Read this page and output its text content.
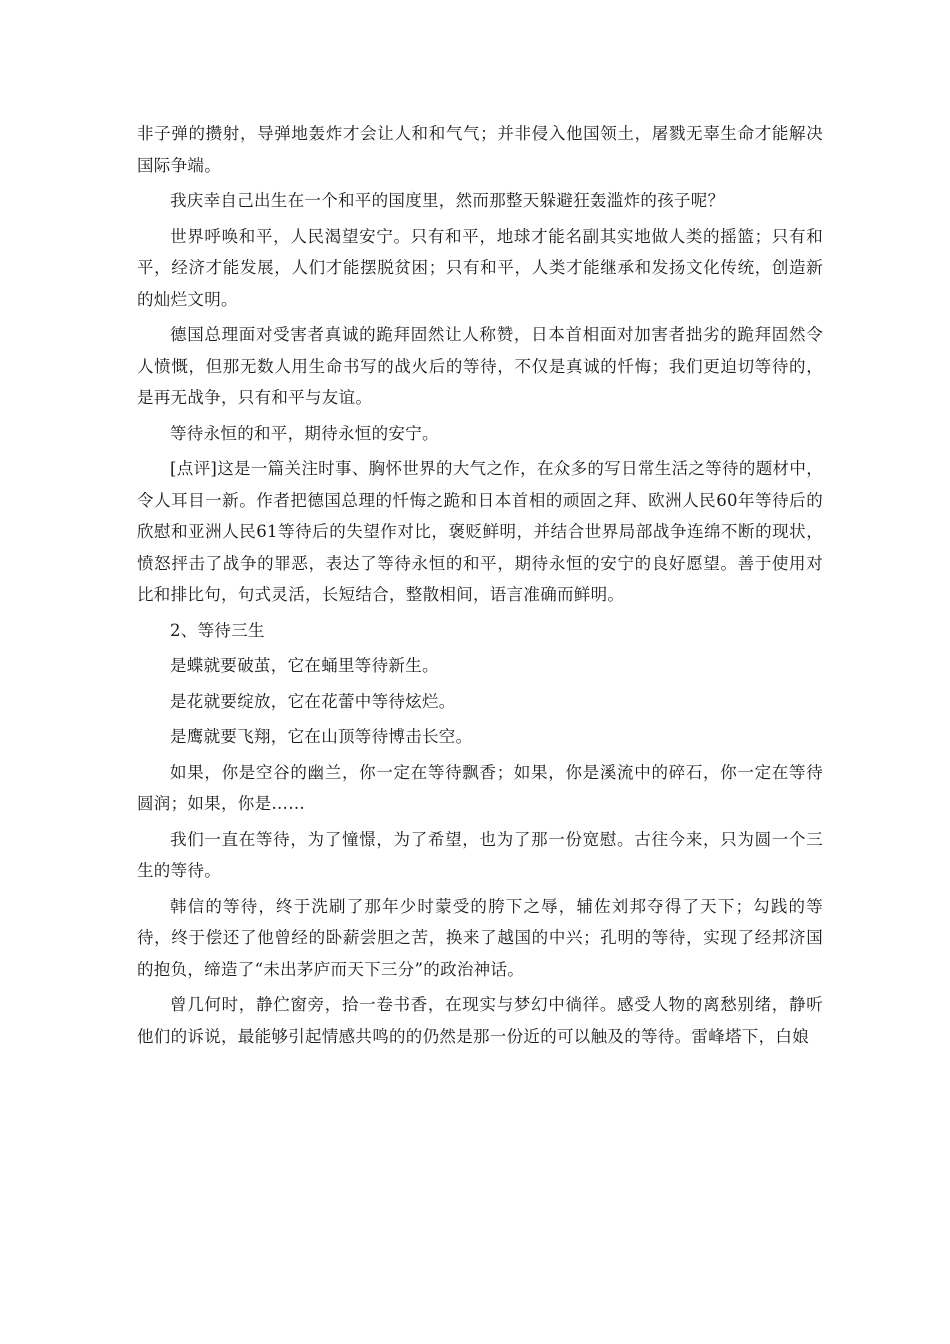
非子弹的攒射，导弹地轰炸才会让人和和气气；并非侵入他国领土，屠戮无辜生命才能解决国际争端。

我庆幸自己出生在一个和平的国度里，然而那整天躲避狂轰滥炸的孩子呢？

世界呼唤和平，人民渴望安宁。只有和平，地球才能名副其实地做人类的摇篮；只有和平，经济才能发展，人们才能摆脱贫困；只有和平，人类才能继承和发扬文化传统，创造新的灿烂文明。

德国总理面对受害者真诚的跪拜固然让人称赞，日本首相面对加害者拙劣的跪拜固然令人愤慨，但那无数人用生命书写的战火后的等待，不仅是真诚的忏悔；我们更迫切等待的，是再无战争，只有和平与友谊。

等待永恒的和平，期待永恒的安宁。

[点评]这是一篇关注时事、胸怀世界的大气之作，在众多的写日常生活之等待的题材中，令人耳目一新。作者把德国总理的忏悔之跪和日本首相的顽固之拜、欧洲人民60年等待后的欣慰和亚洲人民61等待后的失望作对比，褒贬鲜明，并结合世界局部战争连绵不断的现状，愤怒抨击了战争的罪恶，表达了等待永恒的和平，期待永恒的安宁的良好愿望。善于使用对比和排比句，句式灵活，长短结合，整散相间，语言准确而鲜明。

2、等待三生

是蝶就要破茧，它在蛹里等待新生。

是花就要绽放，它在花蕾中等待炫烂。

是鹰就要飞翔，它在山顶等待博击长空。

如果，你是空谷的幽兰，你一定在等待飘香；如果，你是溪流中的碎石，你一定在等待圆润；如果，你是……

我们一直在等待，为了憧憬，为了希望，也为了那一份宽慰。古往今来，只为圆一个三生的等待。

韩信的等待，终于洗刷了那年少时蒙受的胯下之辱，辅佐刘邦夺得了天下；勾践的等待，终于偿还了他曾经的卧薪尝胆之苦，换来了越国的中兴；孔明的等待，实现了经邦济国的抱负，缔造了“未出茅庐而天下三分”的政治神话。

曾几何时，静伫窗旁，拾一卷书香，在现实与梦幻中徜徉。感受人物的离愁别绪，静听他们的诉说，最能够引起情感共鸣的的仍然是那一份近的可以触及的等待。雷峰塔下，白娘
